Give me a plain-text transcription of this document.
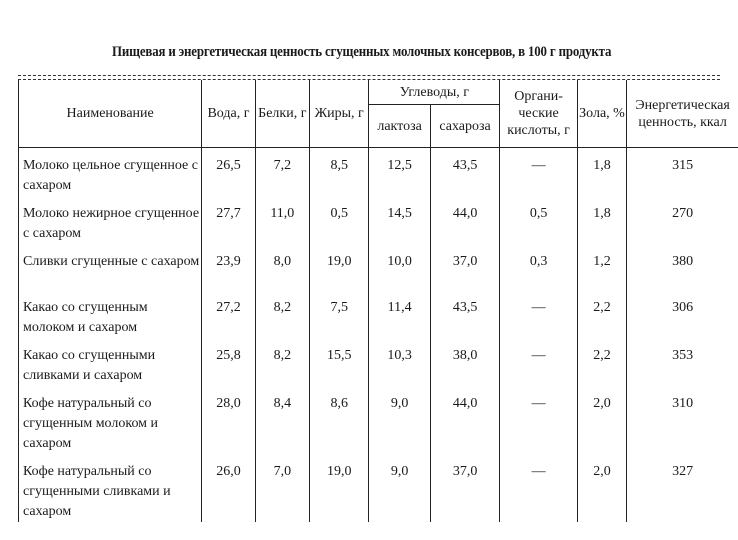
Пищевая и энергетическая ценность сгущенных молочных консервов, в 100 г продукта
Наименование	Вода, г	Белки, г	Жиры, г	Углеводы, г		Органи-ческие кислоты, г	Зола, %	Энергетическая ценность, ккал
				лактоза	сахароза			
Молоко цельное сгущенное с сахаром	26,5	7,2	8,5	12,5	43,5	—	1,8	315
Молоко нежирное сгущенное с сахаром	27,7	11,0	0,5	14,5	44,0	0,5	1,8	270
Сливки сгущенные с сахаром	23,9	8,0	19,0	10,0	37,0	0,3	1,2	380
Какао со сгущенным молоком и сахаром	27,2	8,2	7,5	11,4	43,5	—	2,2	306
Какао со сгущенными сливками и сахаром	25,8	8,2	15,5	10,3	38,0	—	2,2	353
Кофе натуральный со сгущенным молоком и сахаром	28,0	8,4	8,6	9,0	44,0	—	2,0	310
Кофе натуральный со сгущенными сливками и сахаром	26,0	7,0	19,0	9,0	37,0	—	2,0	327
